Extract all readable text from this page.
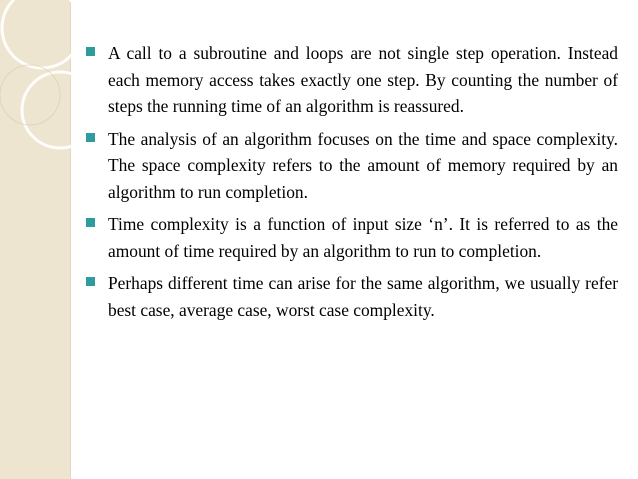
A call to a subroutine and loops are not single step operation. Instead each memory access takes exactly one step. By counting the number of steps the running time of an algorithm is reassured.
The analysis of an algorithm focuses on the time and space complexity. The space complexity refers to the amount of memory required by an algorithm to run completion.
Time complexity is a function of input size ‘n’. It is referred to as the amount of time required by an algorithm to run to completion.
Perhaps different time can arise for the same algorithm, we usually refer best case, average case, worst case complexity.
